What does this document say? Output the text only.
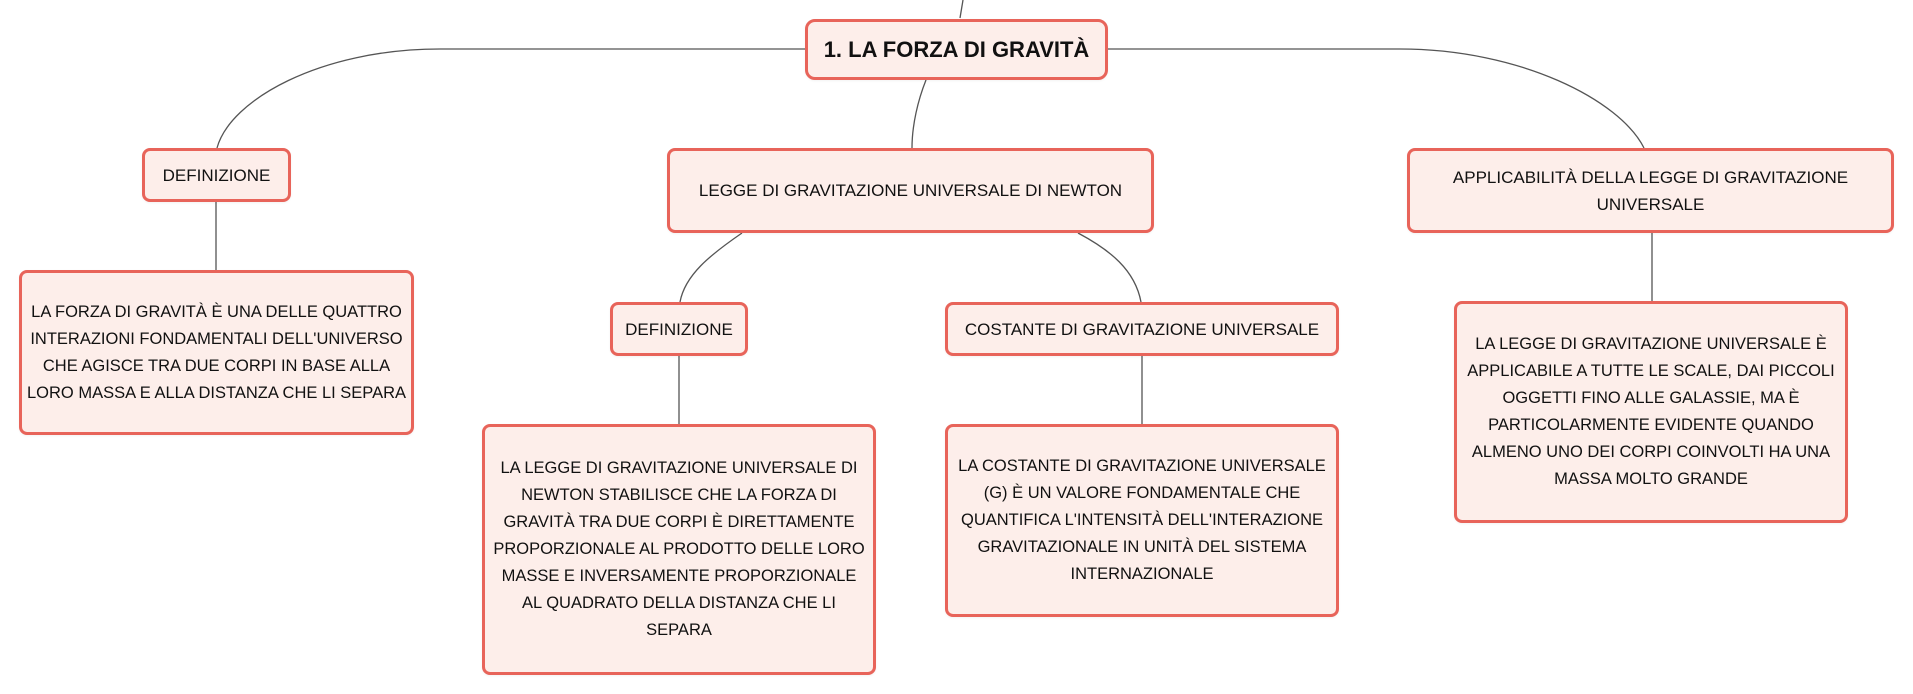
1. LA FORZA DI GRAVITÀ
DEFINIZIONE
LA FORZA DI GRAVITÀ È UNA DELLE QUATTRO INTERAZIONI FONDAMENTALI DELL'UNIVERSO CHE AGISCE TRA DUE CORPI IN BASE ALLA LORO MASSA E ALLA DISTANZA CHE LI SEPARA
LEGGE DI GRAVITAZIONE UNIVERSALE DI NEWTON
DEFINIZIONE
LA LEGGE DI GRAVITAZIONE UNIVERSALE DI NEWTON STABILISCE CHE LA FORZA DI GRAVITÀ TRA DUE CORPI È DIRETTAMENTE PROPORZIONALE AL PRODOTTO DELLE LORO MASSE E INVERSAMENTE PROPORZIONALE AL QUADRATO DELLA DISTANZA CHE LI SEPARA
COSTANTE DI GRAVITAZIONE UNIVERSALE
LA COSTANTE DI GRAVITAZIONE UNIVERSALE (G) È UN VALORE FONDAMENTALE CHE QUANTIFICA L'INTENSITÀ DELL'INTERAZIONE GRAVITAZIONALE IN UNITÀ DEL SISTEMA INTERNAZIONALE
APPLICABILITÀ DELLA LEGGE DI GRAVITAZIONE UNIVERSALE
LA LEGGE DI GRAVITAZIONE UNIVERSALE È APPLICABILE A TUTTE LE SCALE, DAI PICCOLI OGGETTI FINO ALLE GALASSIE, MA È PARTICOLARMENTE EVIDENTE QUANDO ALMENO UNO DEI CORPI COINVOLTI HA UNA MASSA MOLTO GRANDE
